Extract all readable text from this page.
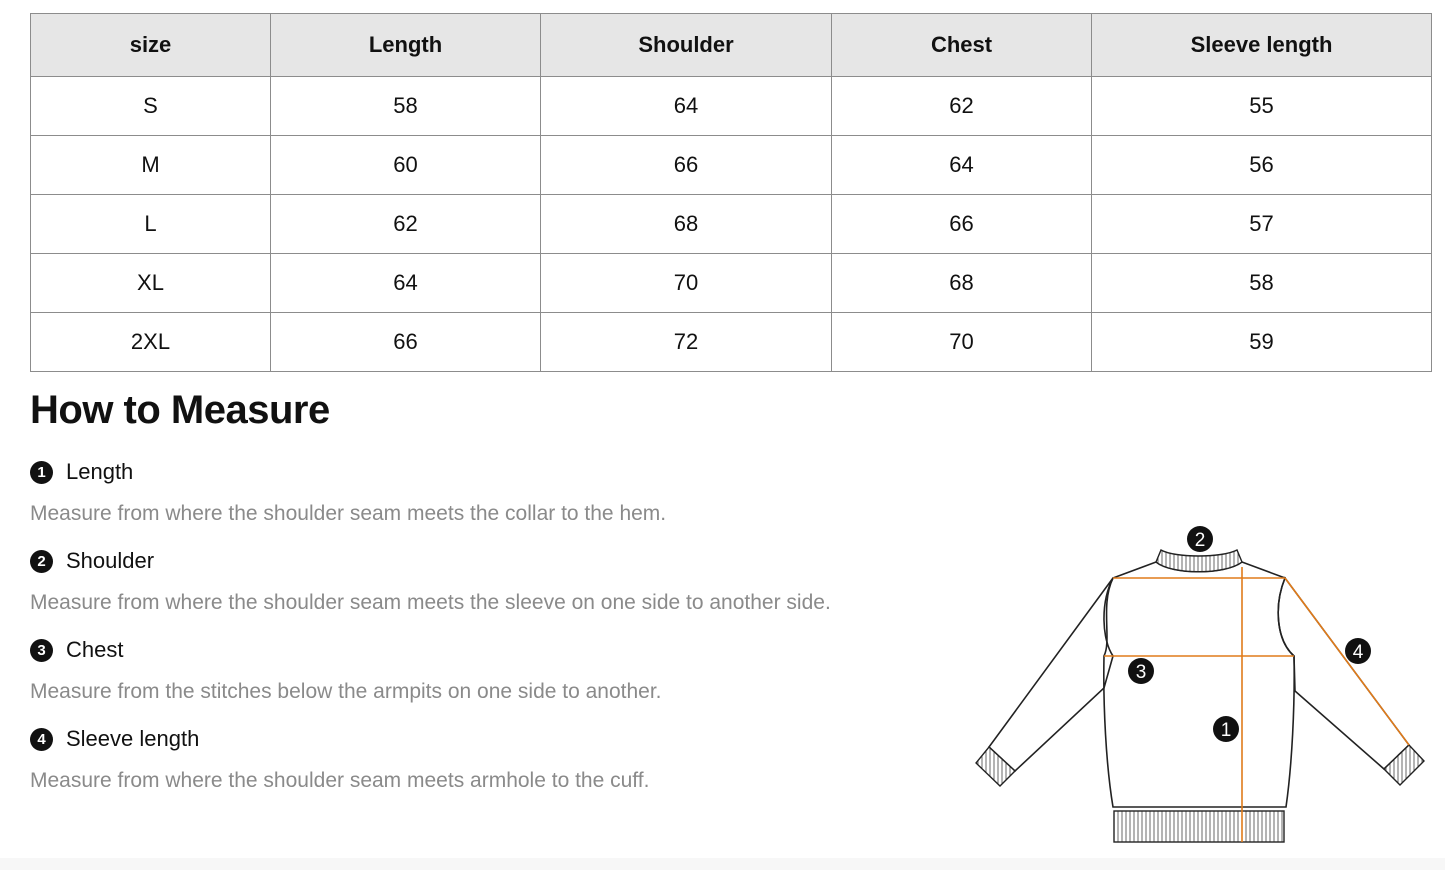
size	Length	Shoulder	Chest	Sleeve length
S	58	64	62	55
M	60	66	64	56
L	62	68	66	57
XL	64	70	68	58
2XL	66	72	70	59
How to Measure
1 Length
Measure from where the shoulder seam meets the collar to the hem.
2 Shoulder
Measure from where the shoulder seam meets the sleeve on one side to another side.
3 Chest
Measure from the stitches below the armpits on one side to another.
4 Sleeve length
Measure from where the shoulder seam meets armhole to the cuff.
2
3
1
4
